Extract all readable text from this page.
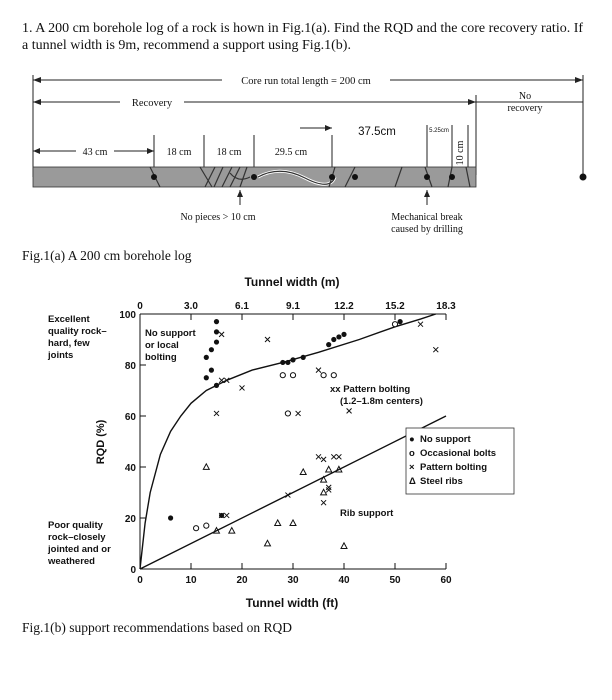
1. A 200 cm borehole log of a rock is hown in Fig.1(a). Find the RQD and the core recovery ratio. If a tunnel width is 9m, recommend a support using Fig.1(b).
Core run total length = 200 cm
Recovery
No
recovery
43 cm	18 cm	18 cm	29.5 cm
37.5cm	5.25cm
10 cm
No pieces > 10 cm	Mechanical break
caused by drilling
Fig.1(a) A 200 cm borehole log
Tunnel width (m)
Tunnel width (ft)
RQD (%)
0	10	20	30	40	50	60
0	3.0	6.1	9.1	12.2	15.2	18.3
0
20
40
60
80
100
Excellent
quality rock–
hard, few
joints
Poor quality
rock–closely
jointed and or
weathered
No support
or local
bolting
xx Pattern bolting
(1.2–1.8m centers)
Rib support
● No support
o Occasional bolts
× Pattern bolting
Δ Steel ribs
Fig.1(b) support recommendations based on RQD
